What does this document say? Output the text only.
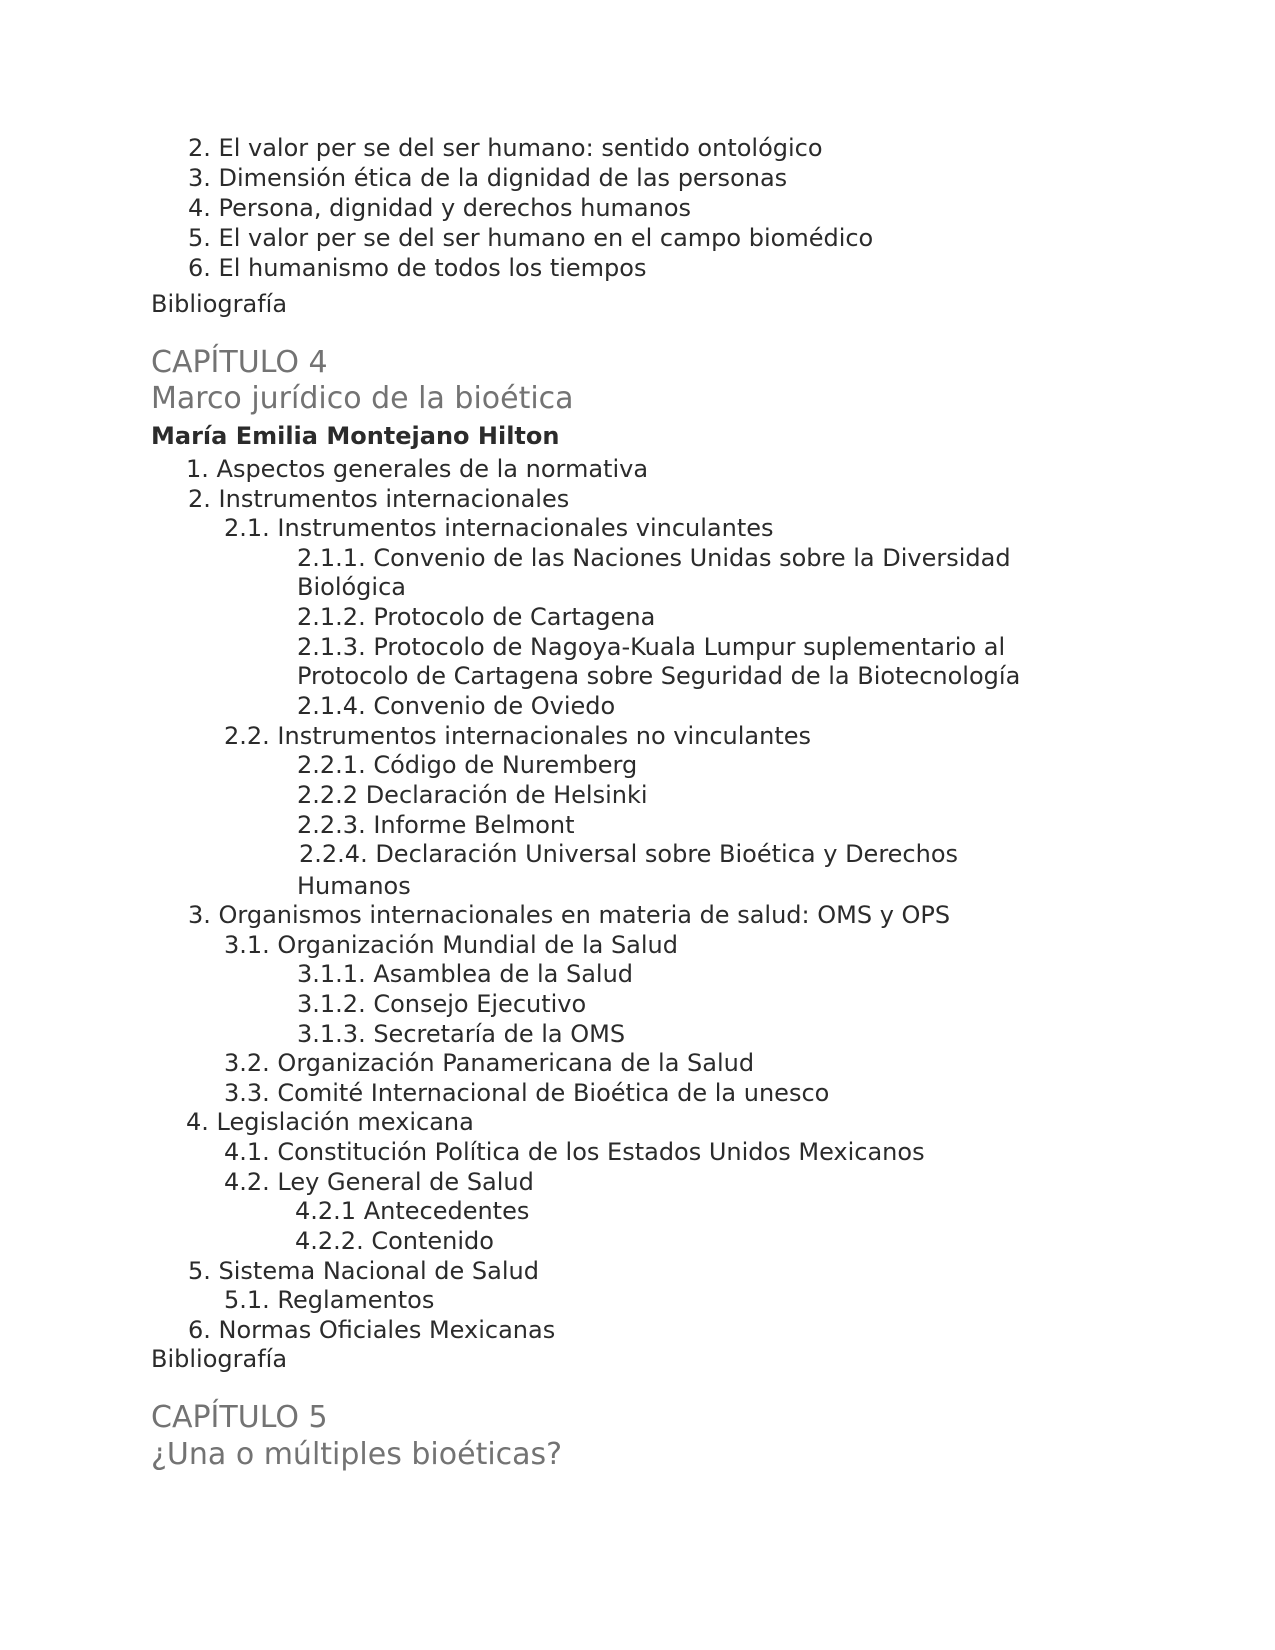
2. El valor per se del ser humano: sentido ontológico
3. Dimensión ética de la dignidad de las personas
4. Persona, dignidad y derechos humanos
5. El valor per se del ser humano en el campo biomédico
6. El humanismo de todos los tiempos
Bibliografía
CAPÍTULO 4
Marco jurídico de la bioética
María Emilia Montejano Hilton
1. Aspectos generales de la normativa
2. Instrumentos internacionales
2.1. Instrumentos internacionales vinculantes
2.1.1. Convenio de las Naciones Unidas sobre la Diversidad
Biológica
2.1.2. Protocolo de Cartagena
2.1.3. Protocolo de Nagoya-Kuala Lumpur suplementario al
Protocolo de Cartagena sobre Seguridad de la Biotecnología
2.1.4. Convenio de Oviedo
2.2. Instrumentos internacionales no vinculantes
2.2.1. Código de Nuremberg
2.2.2 Declaración de Helsinki
2.2.3. Informe Belmont
2.2.4. Declaración Universal sobre Bioética y Derechos
Humanos
3. Organismos internacionales en materia de salud: OMS y OPS
3.1. Organización Mundial de la Salud
3.1.1. Asamblea de la Salud
3.1.2. Consejo Ejecutivo
3.1.3. Secretaría de la OMS
3.2. Organización Panamericana de la Salud
3.3. Comité Internacional de Bioética de la unesco
4. Legislación mexicana
4.1. Constitución Política de los Estados Unidos Mexicanos
4.2. Ley General de Salud
4.2.1 Antecedentes
4.2.2. Contenido
5. Sistema Nacional de Salud
5.1. Reglamentos
6. Normas Oficiales Mexicanas
Bibliografía
CAPÍTULO 5
¿Una o múltiples bioéticas?
